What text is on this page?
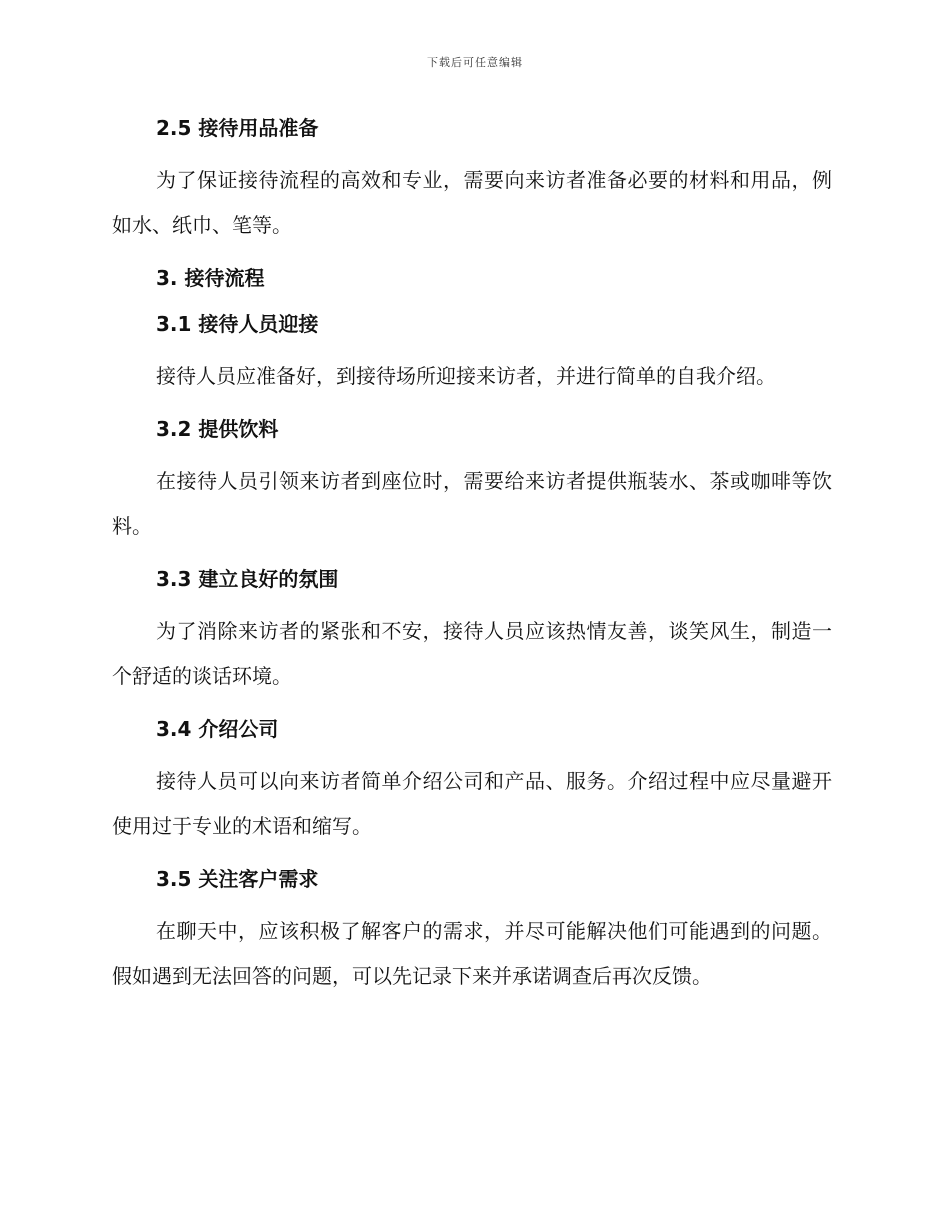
下载后可任意编辑
2.5 接待用品准备

为了保证接待流程的高效和专业，需要向来访者准备必要的材料和用品，例如水、纸巾、笔等。

3. 接待流程
3.1 接待人员迎接

接待人员应准备好，到接待场所迎接来访者，并进行简单的自我介绍。

3.2 提供饮料

在接待人员引领来访者到座位时，需要给来访者提供瓶装水、茶或咖啡等饮料。

3.3 建立良好的氛围

为了消除来访者的紧张和不安，接待人员应该热情友善，谈笑风生，制造一个舒适的谈话环境。

3.4 介绍公司

接待人员可以向来访者简单介绍公司和产品、服务。介绍过程中应尽量避开使用过于专业的术语和缩写。

3.5 关注客户需求

在聊天中，应该积极了解客户的需求，并尽可能解决他们可能遇到的问题。假如遇到无法回答的问题，可以先记录下来并承诺调查后再次反馈。
